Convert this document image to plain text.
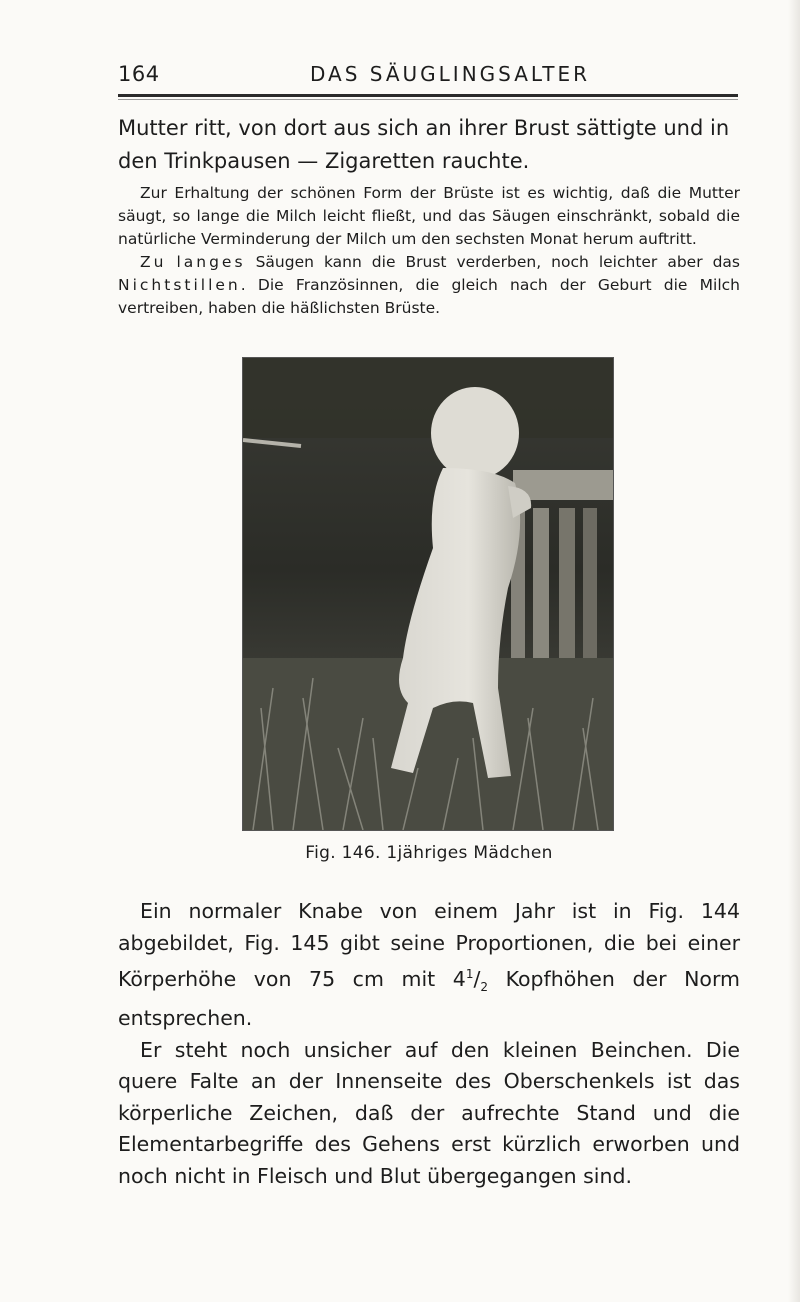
164	DAS SÄUGLINGSALTER
Mutter ritt, von dort aus sich an ihrer Brust sättigte und in den Trinkpausen — Zigaretten rauchte.

Zur Erhaltung der schönen Form der Brüste ist es wichtig, daß die Mutter säugt, so lange die Milch leicht fließt, und das Säugen einschränkt, sobald die natürliche Verminderung der Milch um den sechsten Monat herum auftritt.

Zu langes Säugen kann die Brust verderben, noch leichter aber das Nichtstillen. Die Französinnen, die gleich nach der Geburt die Milch vertreiben, haben die häßlichsten Brüste.

Fig. 146. 1jähriges Mädchen

Ein normaler Knabe von einem Jahr ist in Fig. 144 abgebildet, Fig. 145 gibt seine Proportionen, die bei einer Körperhöhe von 75 cm mit $4^1/_2$ Kopfhöhen der Norm entsprechen.

Er steht noch unsicher auf den kleinen Beinchen. Die quere Falte an der Innenseite des Oberschenkels ist das körperliche Zeichen, daß der aufrechte Stand und die Elementarbegriffe des Gehens erst kürzlich erworben und noch nicht in Fleisch und Blut übergegangen sind.
